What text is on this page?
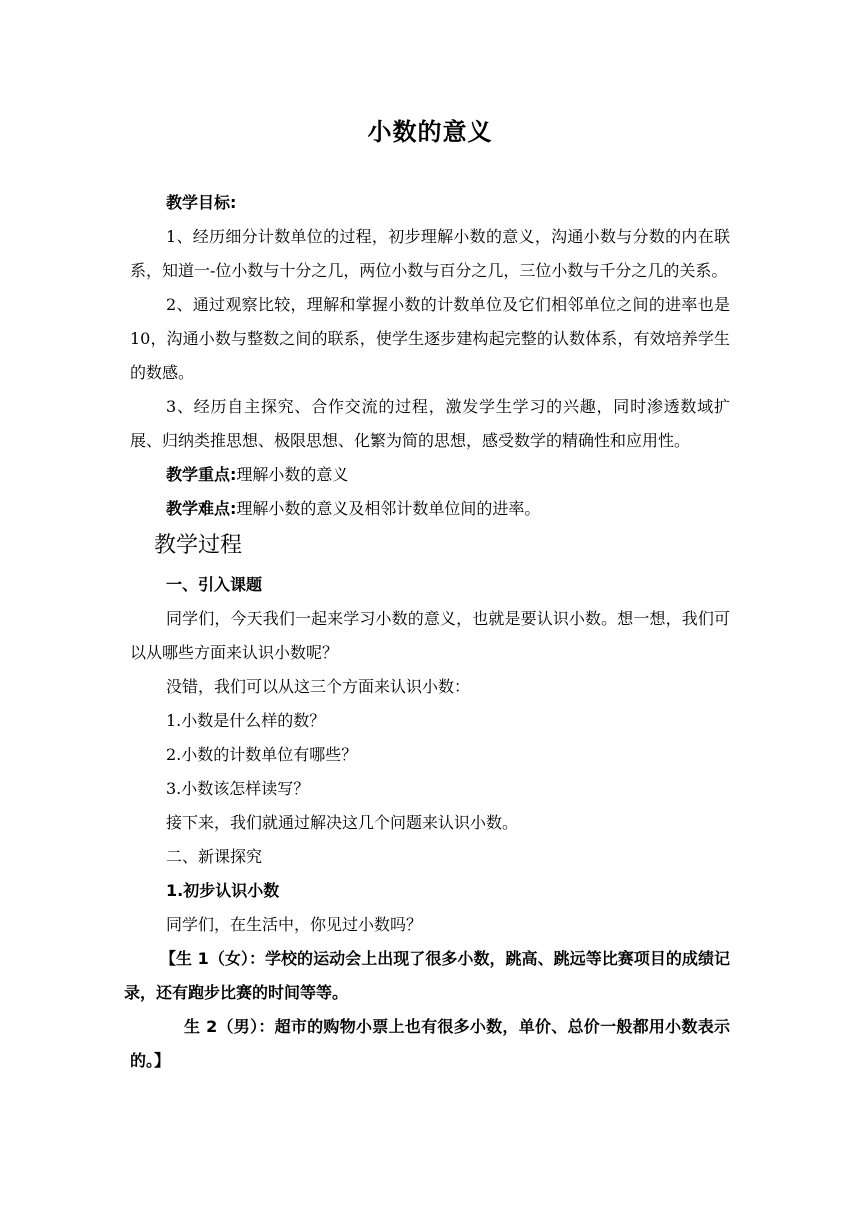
小数的意义

教学目标:

1、经历细分计数单位的过程，初步理解小数的意义，沟通小数与分数的内在联系，知道一-位小数与十分之几，两位小数与百分之几，三位小数与千分之几的关系。

2、通过观察比较，理解和掌握小数的计数单位及它们相邻单位之间的进率也是 10，沟通小数与整数之间的联系，使学生逐步建构起完整的认数体系，有效培养学生的数感。

3、经历自主探究、合作交流的过程，激发学生学习的兴趣，同时渗透数域扩展、归纳类推思想、极限思想、化繁为简的思想，感受数学的精确性和应用性。

教学重点:理解小数的意义

教学难点:理解小数的意义及相邻计数单位间的进率。

教学过程

一、引入课题

同学们，今天我们一起来学习小数的意义，也就是要认识小数。想一想，我们可以从哪些方面来认识小数呢？

没错，我们可以从这三个方面来认识小数：

1.小数是什么样的数？

2.小数的计数单位有哪些？

3.小数该怎样读写？

接下来，我们就通过解决这几个问题来认识小数。

二、新课探究

1.初步认识小数

同学们，在生活中，你见过小数吗？

【生 1（女）：学校的运动会上出现了很多小数，跳高、跳远等比赛项目的成绩记录，还有跑步比赛的时间等等。

生 2（男）：超市的购物小票上也有很多小数，单价、总价一般都用小数表示的。】
